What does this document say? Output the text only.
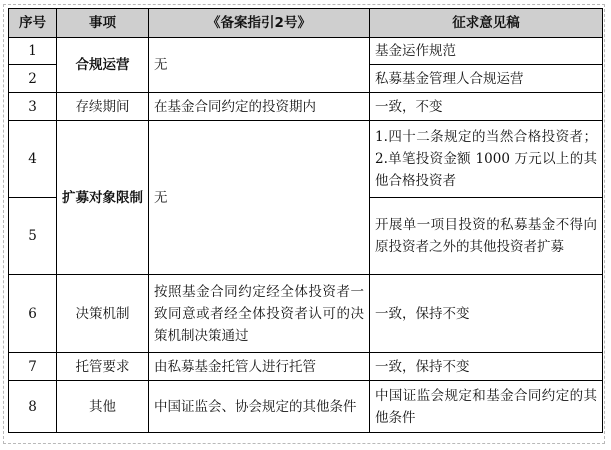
序号	事项	《备案指引2号》	征求意见稿
1	合规运营	无	基金运作规范
2			私募基金管理人合规运营
3	存续期间	在基金合同约定的投资期内	一致，不变
4	扩募对象限制	无	1.四十二条规定的当然合格投资者；2.单笔投资金额 1000 万元以上的其他合格投资者
5			开展单一项目投资的私募基金不得向原投资者之外的其他投资者扩募
6	决策机制	按照基金合同约定经全体投资者一致同意或者经全体投资者认可的决策机制决策通过	一致，保持不变
7	托管要求	由私募基金托管人进行托管	一致，保持不变
8	其他	中国证监会、协会规定的其他条件	中国证监会规定和基金合同约定的其他条件
